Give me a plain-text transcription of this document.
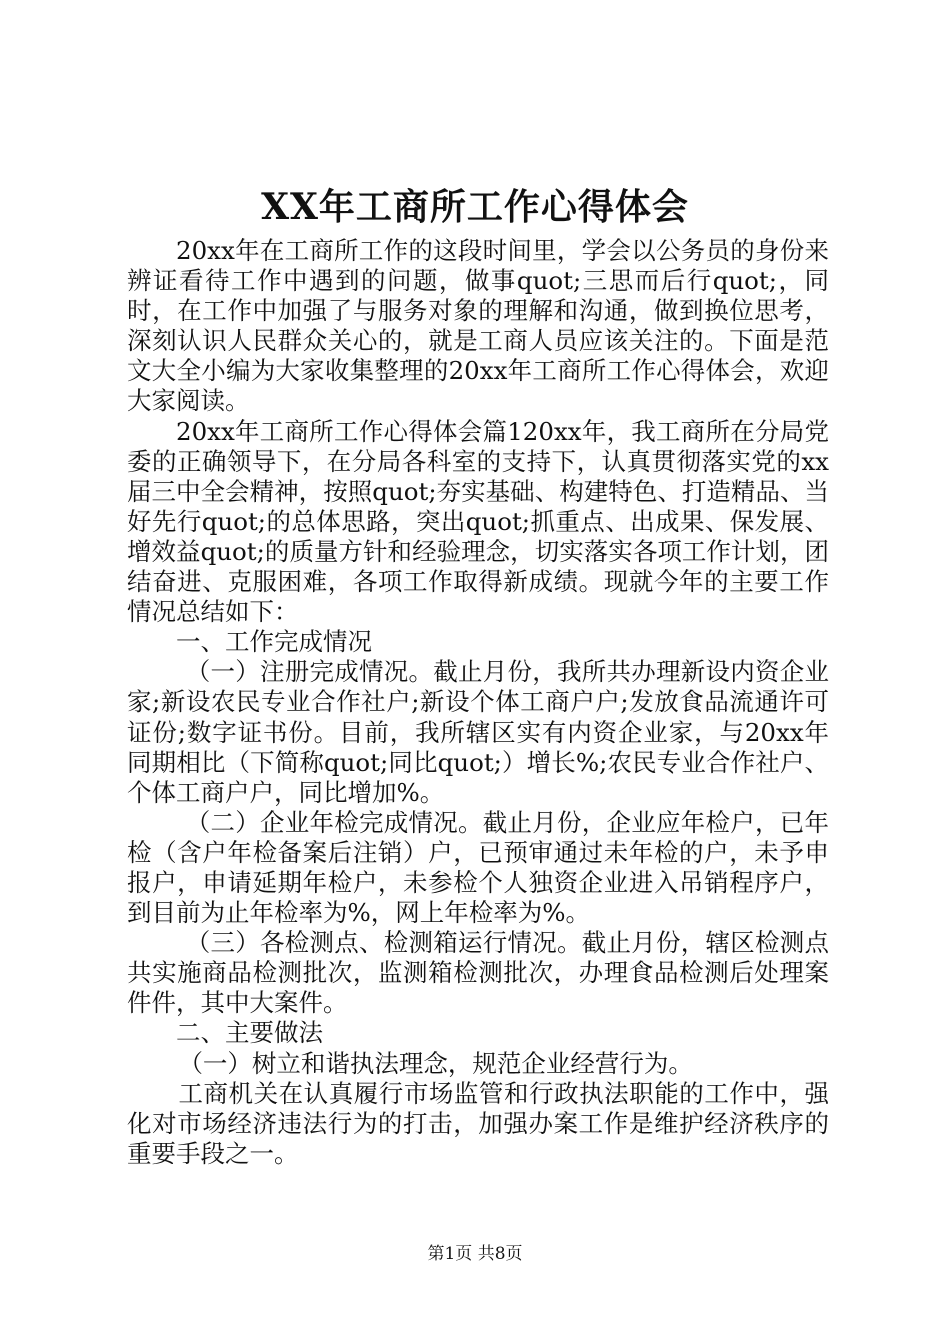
XX年工商所工作心得体会

20xx年在工商所工作的这段时间里，学会以公务员的身份来辨证看待工作中遇到的问题，做事quot;三思而后行quot;，同时，在工作中加强了与服务对象的理解和沟通，做到换位思考，深刻认识人民群众关心的，就是工商人员应该关注的。下面是范文大全小编为大家收集整理的20xx年工商所工作心得体会，欢迎大家阅读。

20xx年工商所工作心得体会篇120xx年，我工商所在分局党委的正确领导下，在分局各科室的支持下，认真贯彻落实党的xx届三中全会精神，按照quot;夯实基础、构建特色、打造精品、当好先行quot;的总体思路，突出quot;抓重点、出成果、保发展、增效益quot;的质量方针和经验理念，切实落实各项工作计划，团结奋进、克服困难，各项工作取得新成绩。现就今年的主要工作情况总结如下：

一、工作完成情况

（一）注册完成情况。截止月份，我所共办理新设内资企业家;新设农民专业合作社户;新设个体工商户户;发放食品流通许可证份;数字证书份。目前，我所辖区实有内资企业家，与20xx年同期相比（下简称quot;同比quot;）增长%;农民专业合作社户、个体工商户户，同比增加%。

（二）企业年检完成情况。截止月份，企业应年检户，已年检（含户年检备案后注销）户，已预审通过未年检的户，未予申报户，申请延期年检户，未参检个人独资企业进入吊销程序户，到目前为止年检率为%，网上年检率为%。

（三）各检测点、检测箱运行情况。截止月份，辖区检测点共实施商品检测批次，监测箱检测批次，办理食品检测后处理案件件，其中大案件。

二、主要做法

（一）树立和谐执法理念，规范企业经营行为。

工商机关在认真履行市场监管和行政执法职能的工作中，强化对市场经济违法行为的打击，加强办案工作是维护经济秩序的重要手段之一。

第1页 共8页
